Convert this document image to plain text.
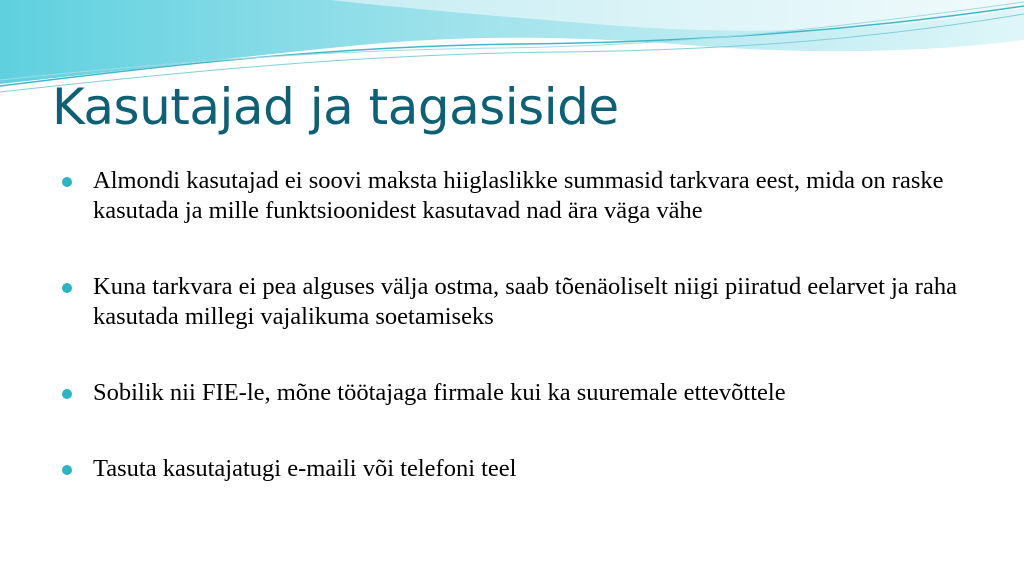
Kasutajad ja tagasiside
Almondi kasutajad ei soovi maksta hiiglaslikke summasid tarkvara eest, mida on raske kasutada ja mille funktsioonidest kasutavad nad ära väga vähe
Kuna tarkvara ei pea alguses välja ostma, saab tõenäoliselt niigi piiratud eelarvet ja raha kasutada millegi vajalikuma soetamiseks
Sobilik nii FIE-le, mõne töötajaga firmale kui ka suuremale ettevõttele
Tasuta kasutajatugi e-maili või telefoni teel
